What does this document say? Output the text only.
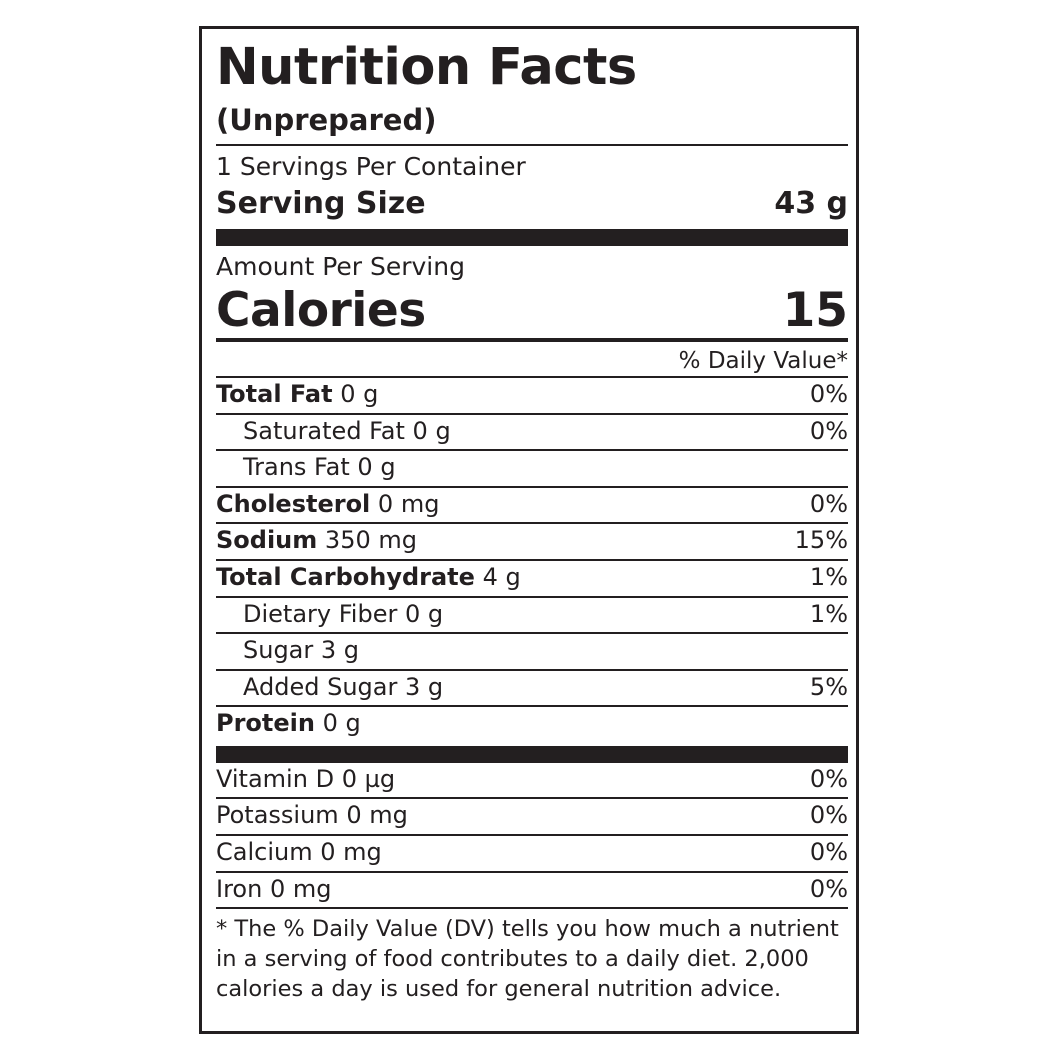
Nutrition Facts
(Unprepared)
1 Servings Per Container
Serving Size	43 g
Amount Per Serving
Calories	15
% Daily Value*
Total Fat 0 g	0%
Saturated Fat 0 g	0%
Trans Fat 0 g
Cholesterol 0 mg	0%
Sodium 350 mg	15%
Total Carbohydrate 4 g	1%
Dietary Fiber 0 g	1%
Sugar 3 g
Added Sugar 3 g	5%
Protein 0 g
Vitamin D 0 µg	0%
Potassium 0 mg	0%
Calcium 0 mg	0%
Iron 0 mg	0%
* The % Daily Value (DV) tells you how much a nutrient in a serving of food contributes to a daily diet. 2,000 calories a day is used for general nutrition advice.
